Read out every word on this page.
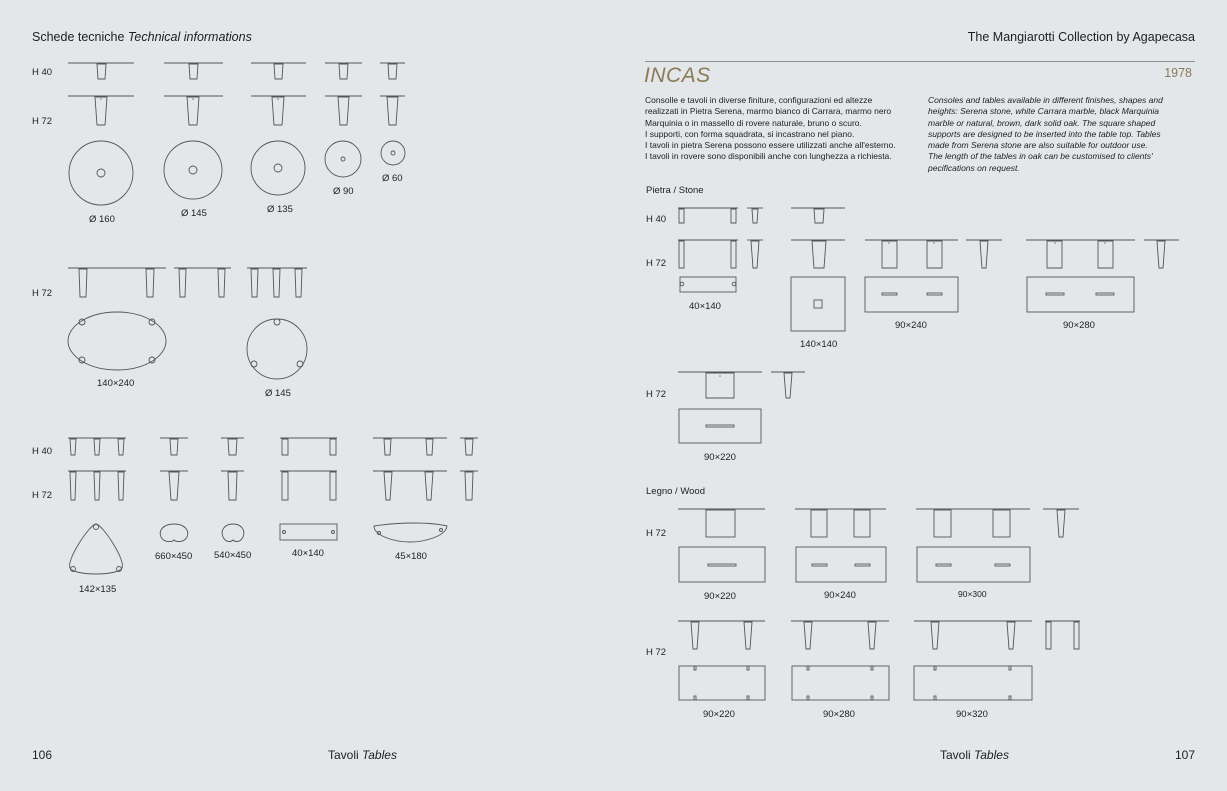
Schede tecniche Technical informations	The Mangiarotti Collection by Agapecasa
INCAS	1978

Consolle e tavoli in diverse finiture, configurazioni ed altezze

realizzati in Pietra Serena, marmo bianco di Carrara, marmo nero

Marquinia o in massello di rovere naturale, bruno o scuro.

I supporti, con forma squadrata, si incastrano nel piano.

I tavoli in pietra Serena possono essere utilizzati anche all'esterno.

I tavoli in rovere sono disponibili anche con lunghezza a richiesta.

Consoles and tables available in different finishes, shapes and

heights: Serena stone, white Carrara marble, black Marquinia

marble or natural, brown, dark solid oak. The square shaped

supports are designed to be inserted into the table top. Tables

made from Serena stone are also suitable for outdoor use.

The length of the tables in oak can be customised to clients'

pecifications on request.

H 40
H 72
Ø 160
Ø 145	Ø 135
Ø 90
Ø 60
H 72
140×240
Ø 145
H 40
H 72
142×135
660×450 540×450	40×140	45×180
Pietra / Stone
H 40
H 72
40×140
140×140
90×240	90×280
H 72
90×220
Legno / Wood
H 72
90×220	90×240	90×300
H 72
90×220	90×280	90×320
106	Tavoli Tables	Tavoli Tables	107
